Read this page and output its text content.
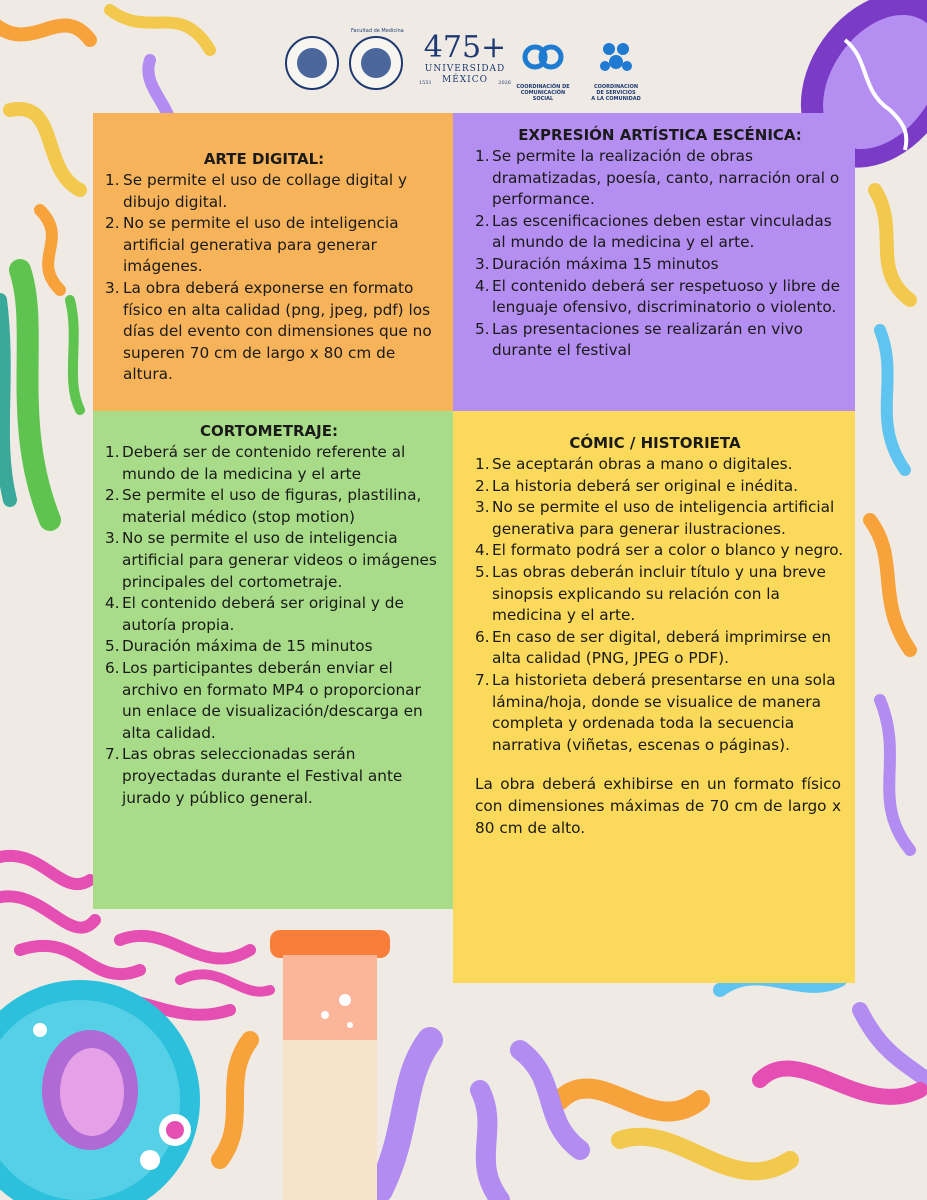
Facultad de Medicina 475+
UNIVERSIDAD
MÉXICO
1551	2026

COORDINACIÓN DE
COMUNICACIÓN SOCIAL

COORDINACION
DE SERVICIOS
A LA COMUNIDAD

ARTE DIGITAL:
1. Se permite el uso de collage digital y dibujo digital.
2. No se permite el uso de inteligencia artificial generativa para generar imágenes.
3. La obra deberá exponerse en formato físico en alta calidad (png, jpeg, pdf) los días del evento con dimensiones que no superen 70 cm de largo x 80 cm de altura.
EXPRESIÓN ARTÍSTICA ESCÉNICA:
1. Se permite la realización de obras dramatizadas, poesía, canto, narración oral o performance.
2. Las escenificaciones deben estar vinculadas al mundo de la medicina y el arte.
3. Duración máxima 15 minutos
4. El contenido deberá ser respetuoso y libre de lenguaje ofensivo, discriminatorio o violento.
5. Las presentaciones se realizarán en vivo durante el festival
CORTOMETRAJE:
1. Deberá ser de contenido referente al mundo de la medicina y el arte
2. Se permite el uso de figuras, plastilina, material médico (stop motion)
3. No se permite el uso de inteligencia artificial para generar videos o imágenes principales del cortometraje.
4. El contenido deberá ser original y de autoría propia.
5. Duración máxima de 15 minutos
6. Los participantes deberán enviar el archivo en formato MP4 o proporcionar un enlace de visualización/descarga en alta calidad.
7. Las obras seleccionadas serán proyectadas durante el Festival ante jurado y público general.
CÓMIC / HISTORIETA
1. Se aceptarán obras a mano o digitales.
2. La historia deberá ser original e inédita.
3. No se permite el uso de inteligencia artificial generativa para generar ilustraciones.
4. El formato podrá ser a color o blanco y negro.
5. Las obras deberán incluir título y una breve sinopsis explicando su relación con la medicina y el arte.
6. En caso de ser digital, deberá imprimirse en alta calidad (PNG, JPEG o PDF).
7. La historieta deberá presentarse en una sola lámina/hoja, donde se visualice de manera completa y ordenada toda la secuencia narrativa (viñetas, escenas o páginas).

La obra deberá exhibirse en un formato físico con dimensiones máximas de 70 cm de largo x 80 cm de alto.
